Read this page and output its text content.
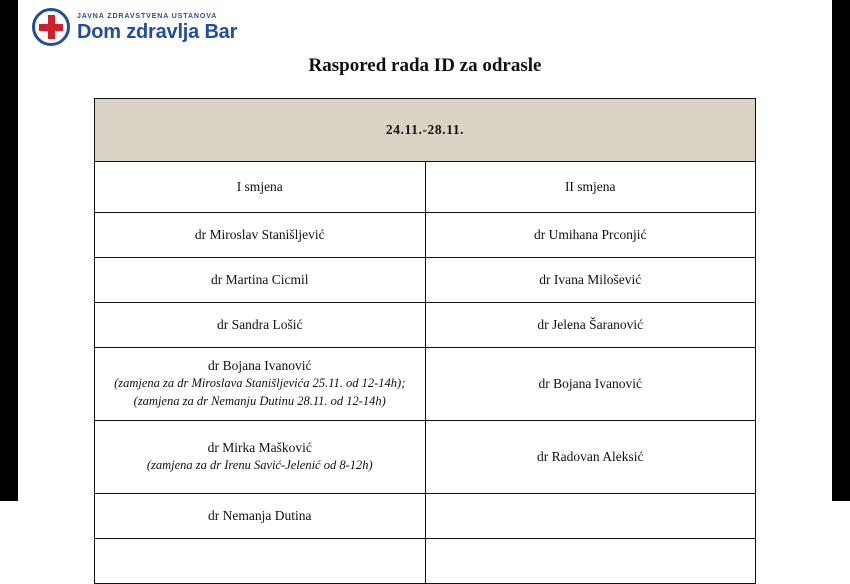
JAVNA ZDRAVSTVENA USTANOVA
Dom zdravlja Bar
Raspored rada ID za odrasle
24.11.-28.11.	
I smjena	II smjena

dr Miroslav Stanišljević	dr Umihana Prconjić

dr Martina Cicmil	dr Ivana Milošević

dr Sandra Lošić	dr Jelena Šaranović

dr Bojana Ivanović
(zamjena za dr Miroslava Stanišljevića 25.11. od 12-14h);
(zamjena za dr Nemanju Dutinu 28.11. od 12-14h)	dr Bojana Ivanović

dr Mirka Mašković
(zamjena za dr Irenu Savić-Jelenić od 8-12h)	dr Radovan Aleksić

dr Nemanja Dutina	
